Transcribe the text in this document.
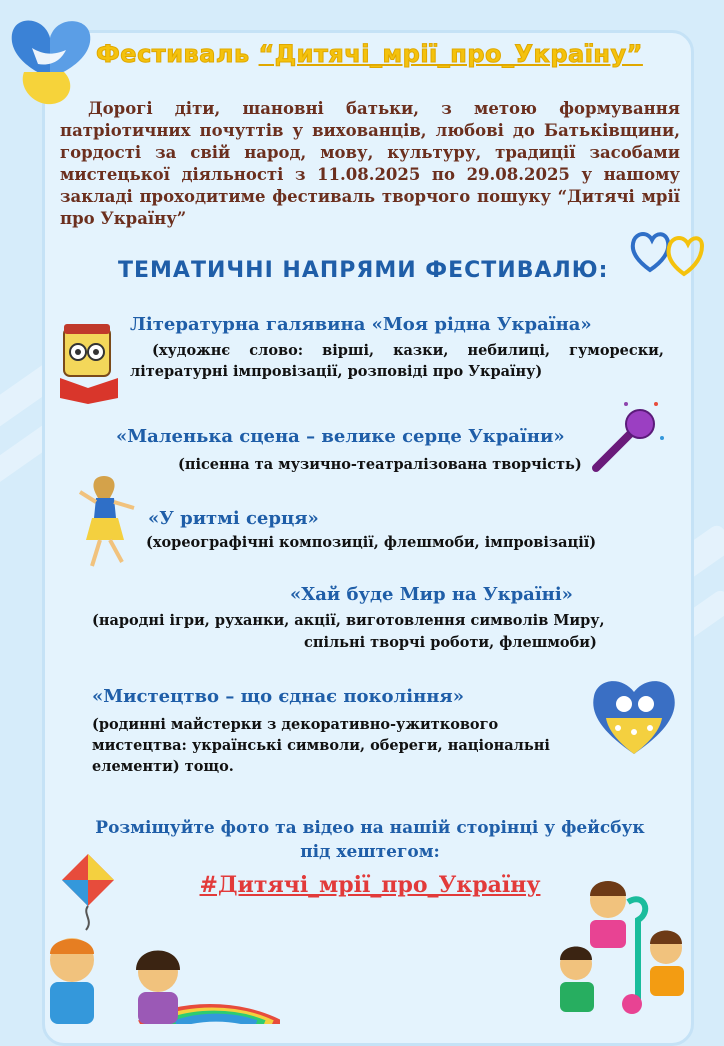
Фестиваль “Дитячі_мрії_про_Україну”
Дорогі діти, шановні батьки, з метою формування патріотичних почуттів у вихованців, любові до Батьківщини, гордості за свій народ, мову, культуру, традиції засобами мистецької діяльності з 11.08.2025 по 29.08.2025 у нашому закладі проходитиме фестиваль творчого пошуку “Дитячі мрії про Україну”
ТЕМАТИЧНІ НАПРЯМИ ФЕСТИВАЛЮ:
Літературна галявина «Моя рідна Україна»
(художнє слово: вірші, казки, небилиці, гуморески, літературні імпровізації, розповіді про Україну)
«Маленька сцена – велике серце України»
(пісенна та музично-театралізована творчість)
«У ритмі серця»
(хореографічні композиції, флешмоби, імпровізації)
«Хай буде Мир на Україні»
(народні ігри, руханки, акції, виготовлення символів Миру,
спільні творчі роботи, флешмоби)
«Мистецтво – що єднає покоління»
(родинні майстерки з декоративно-ужиткового мистецтва: українські символи, обереги, національні елементи) тощо.
Розміщуйте фото та відео на нашій сторінці у фейсбук
під хештегом:
#Дитячі_мрії_про_Україну
